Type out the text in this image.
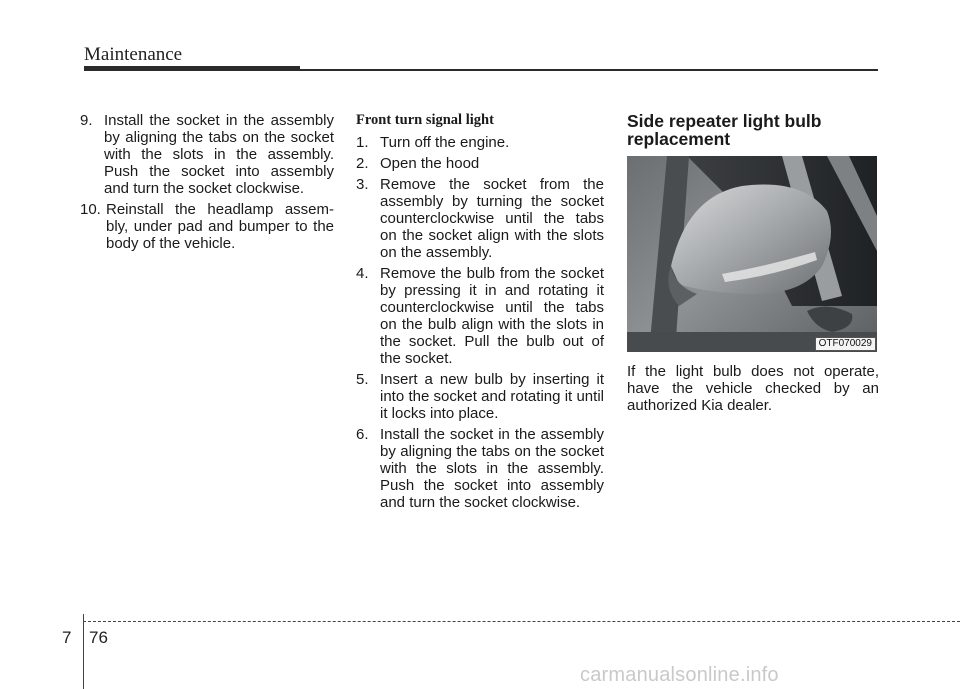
Maintenance
9. Install the socket in the assembly by aligning the tabs on the socket with the slots in the assembly. Push the socket into assembly and turn the socket clockwise.
10. Reinstall the headlamp assem-bly, under pad and bumper to the body of the vehicle.
Front turn signal light
1. Turn off the engine.
2. Open the hood
3. Remove the socket from the assembly by turning the socket counterclockwise until the tabs on the socket align with the slots on the assembly.
4. Remove the bulb from the socket by pressing it in and rotating it counterclockwise until the tabs on the bulb align with the slots in the socket. Pull the bulb out of the socket.
5. Insert a new bulb by inserting it into the socket and rotating it until it locks into place.
6. Install the socket in the assembly by aligning the tabs on the socket with the slots in the assembly. Push the socket into assembly and turn the socket clockwise.
Side repeater light bulb replacement
OTF070029
If the light bulb does not operate, have the vehicle checked by an authorized Kia dealer.
7 76
carmanualsonline.info
